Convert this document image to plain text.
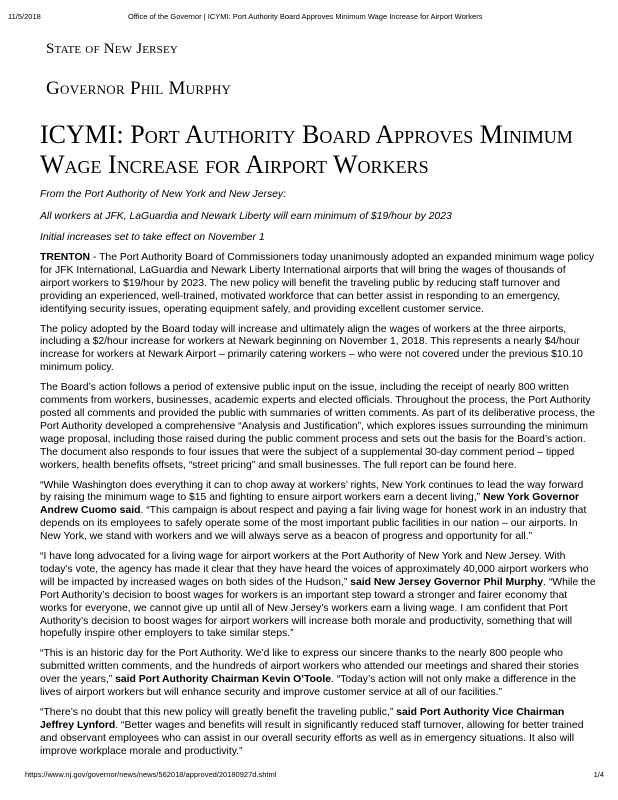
11/5/2018	Office of the Governor | ICYMI: Port Authority Board Approves Minimum Wage Increase for Airport Workers
State of New Jersey
Governor Phil Murphy
ICYMI: Port Authority Board Approves Minimum Wage Increase for Airport Workers

From the Port Authority of New York and New Jersey:

All workers at JFK, LaGuardia and Newark Liberty will earn minimum of $19/hour by 2023

Initial increases set to take effect on November 1

TRENTON - The Port Authority Board of Commissioners today unanimously adopted an expanded minimum wage policy for JFK International, LaGuardia and Newark Liberty International airports that will bring the wages of thousands of airport workers to $19/hour by 2023. The new policy will benefit the traveling public by reducing staff turnover and providing an experienced, well-trained, motivated workforce that can better assist in responding to an emergency, identifying security issues, operating equipment safely, and providing excellent customer service.

The policy adopted by the Board today will increase and ultimately align the wages of workers at the three airports, including a $2/hour increase for workers at Newark beginning on November 1, 2018. This represents a nearly $4/hour increase for workers at Newark Airport – primarily catering workers – who were not covered under the previous $10.10 minimum policy.

The Board’s action follows a period of extensive public input on the issue, including the receipt of nearly 800 written comments from workers, businesses, academic experts and elected officials. Throughout the process, the Port Authority posted all comments and provided the public with summaries of written comments. As part of its deliberative process, the Port Authority developed a comprehensive “Analysis and Justification”, which explores issues surrounding the minimum wage proposal, including those raised during the public comment process and sets out the basis for the Board’s action. The document also responds to four issues that were the subject of a supplemental 30-day comment period – tipped workers, health benefits offsets, “street pricing” and small businesses. The full report can be found here.

“While Washington does everything it can to chop away at workers’ rights, New York continues to lead the way forward by raising the minimum wage to $15 and fighting to ensure airport workers earn a decent living,” New York Governor Andrew Cuomo said. “This campaign is about respect and paying a fair living wage for honest work in an industry that depends on its employees to safely operate some of the most important public facilities in our nation – our airports. In New York, we stand with workers and we will always serve as a beacon of progress and opportunity for all.”

“I have long advocated for a living wage for airport workers at the Port Authority of New York and New Jersey. With today’s vote, the agency has made it clear that they have heard the voices of approximately 40,000 airport workers who will be impacted by increased wages on both sides of the Hudson,” said New Jersey Governor Phil Murphy. “While the Port Authority’s decision to boost wages for workers is an important step toward a stronger and fairer economy that works for everyone, we cannot give up until all of New Jersey’s workers earn a living wage. I am confident that Port Authority’s decision to boost wages for airport workers will increase both morale and productivity, something that will hopefully inspire other employers to take similar steps.”

“This is an historic day for the Port Authority. We’d like to express our sincere thanks to the nearly 800 people who submitted written comments, and the hundreds of airport workers who attended our meetings and shared their stories over the years,” said Port Authority Chairman Kevin O’Toole. “Today’s action will not only make a difference in the lives of airport workers but will enhance security and improve customer service at all of our facilities.”

“There’s no doubt that this new policy will greatly benefit the traveling public,” said Port Authority Vice Chairman Jeffrey Lynford. “Better wages and benefits will result in significantly reduced staff turnover, allowing for better trained and observant employees who can assist in our overall security efforts as well as in emergency situations. It also will improve workplace morale and productivity.”

https://www.nj.gov/governor/news/news/562018/approved/20180927d.shtml	1/4
